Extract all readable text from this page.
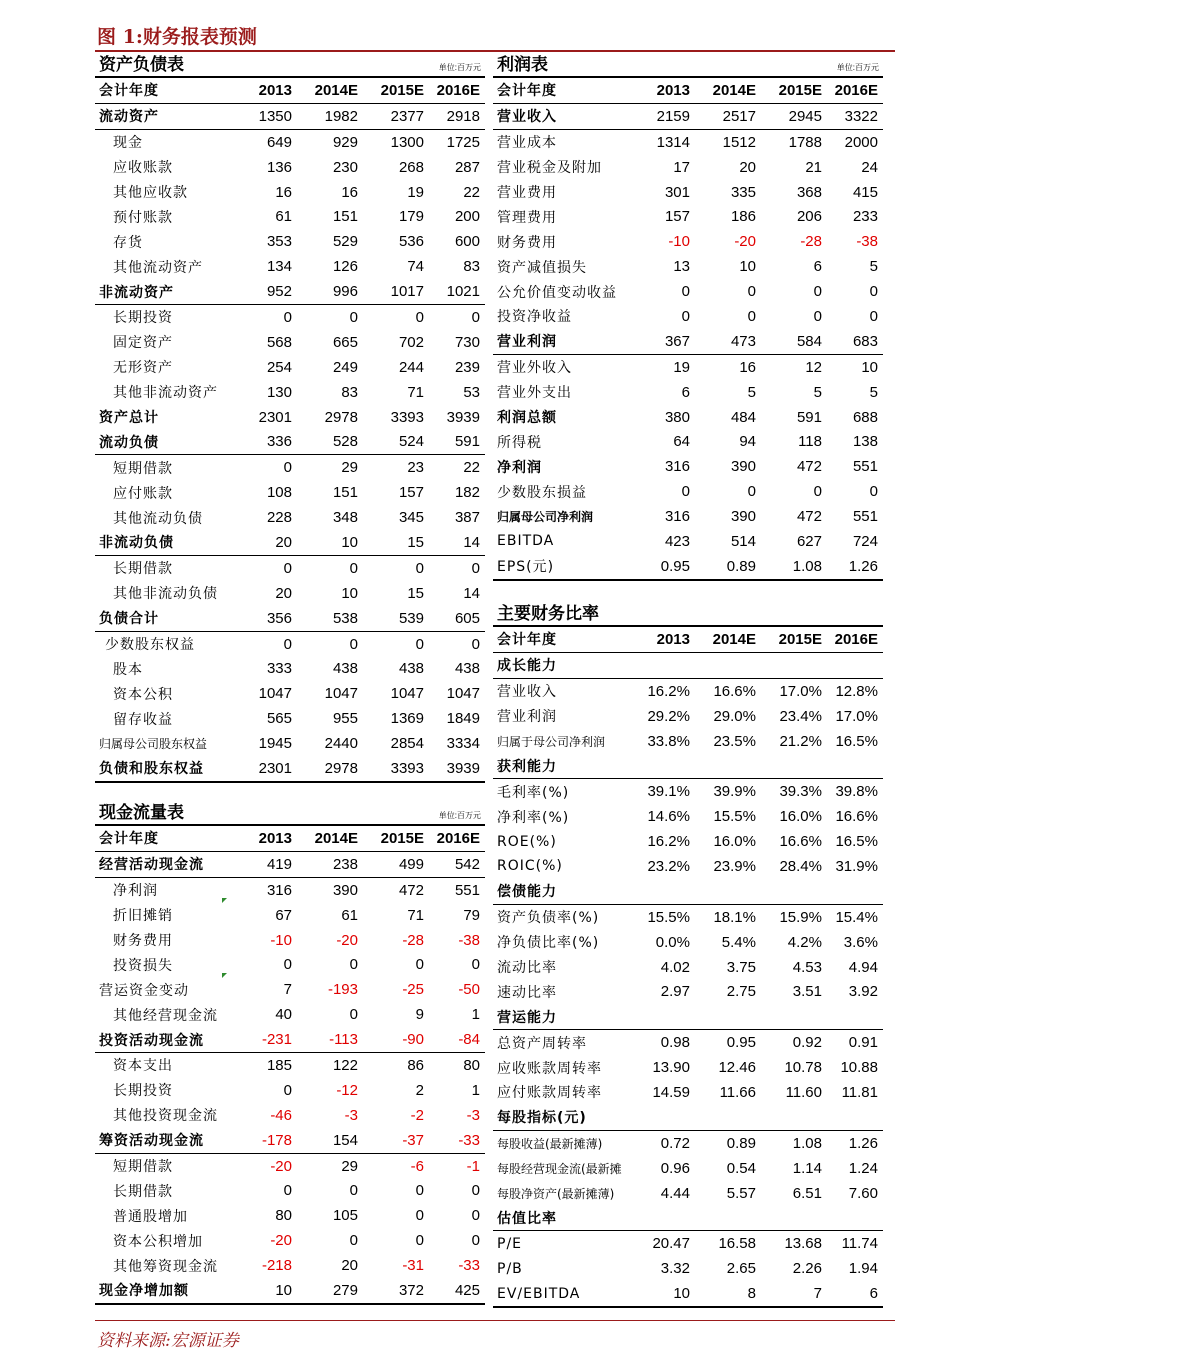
图 1:财务报表预测
资产负债表	单位:百万元
会计年度	2013	2014E	2015E	2016E
流动资产	1350	1982	2377	2918
现金	649	929	1300	1725
应收账款	136	230	268	287
其他应收款	16	16	19	22
预付账款	61	151	179	200
存货	353	529	536	600
其他流动资产	134	126	74	83
非流动资产	952	996	1017	1021
长期投资	0	0	0	0
固定资产	568	665	702	730
无形资产	254	249	244	239
其他非流动资产	130	83	71	53
资产总计	2301	2978	3393	3939
流动负债	336	528	524	591
短期借款	0	29	23	22
应付账款	108	151	157	182
其他流动负债	228	348	345	387
非流动负债	20	10	15	14
长期借款	0	0	0	0
其他非流动负债	20	10	15	14
负债合计	356	538	539	605
少数股东权益	0	0	0	0
股本	333	438	438	438
资本公积	1047	1047	1047	1047
留存收益	565	955	1369	1849
归属母公司股东权益	1945	2440	2854	3334
负债和股东权益	2301	2978	3393	3939
利润表	单位:百万元
会计年度	2013	2014E	2015E	2016E
营业收入	2159	2517	2945	3322
营业成本	1314	1512	1788	2000
营业税金及附加	17	20	21	24
营业费用	301	335	368	415
管理费用	157	186	206	233
财务费用	-10	-20	-28	-38
资产减值损失	13	10	6	5
公允价值变动收益	0	0	0	0
投资净收益	0	0	0	0
营业利润	367	473	584	683
营业外收入	19	16	12	10
营业外支出	6	5	5	5
利润总额	380	484	591	688
所得税	64	94	118	138
净利润	316	390	472	551
少数股东损益	0	0	0	0
归属母公司净利润	316	390	472	551
EBITDA	423	514	627	724
EPS(元)	0.95	0.89	1.08	1.26
主要财务比率
会计年度	2013	2014E	2015E	2016E
成长能力				
营业收入	16.2%	16.6%	17.0%	12.8%
营业利润	29.2%	29.0%	23.4%	17.0%
归属于母公司净利润	33.8%	23.5%	21.2%	16.5%
获利能力				
毛利率(%)	39.1%	39.9%	39.3%	39.8%
净利率(%)	14.6%	15.5%	16.0%	16.6%
ROE(%)	16.2%	16.0%	16.6%	16.5%
ROIC(%)	23.2%	23.9%	28.4%	31.9%
偿债能力				
资产负债率(%)	15.5%	18.1%	15.9%	15.4%
净负债比率(%)	0.0%	5.4%	4.2%	3.6%
流动比率	4.02	3.75	4.53	4.94
速动比率	2.97	2.75	3.51	3.92
营运能力				
总资产周转率	0.98	0.95	0.92	0.91
应收账款周转率	13.90	12.46	10.78	10.88
应付账款周转率	14.59	11.66	11.60	11.81
每股指标(元)				
每股收益(最新摊薄)	0.72	0.89	1.08	1.26
每股经营现金流(最新摊	0.96	0.54	1.14	1.24
每股净资产(最新摊薄)	4.44	5.57	6.51	7.60
估值比率				
P/E	20.47	16.58	13.68	11.74
P/B	3.32	2.65	2.26	1.94
EV/EBITDA	10	8	7	6
现金流量表	单位:百万元
会计年度	2013	2014E	2015E	2016E
经营活动现金流	419	238	499	542
净利润	316	390	472	551
折旧摊销	67	61	71	79
财务费用	-10	-20	-28	-38
投资损失	0	0	0	0
营运资金变动	7	-193	-25	-50
其他经营现金流	40	0	9	1
投资活动现金流	-231	-113	-90	-84
资本支出	185	122	86	80
长期投资	0	-12	2	1
其他投资现金流	-46	-3	-2	-3
筹资活动现金流	-178	154	-37	-33
短期借款	-20	29	-6	-1
长期借款	0	0	0	0
普通股增加	80	105	0	0
资本公积增加	-20	0	0	0
其他筹资现金流	-218	20	-31	-33
现金净增加额	10	279	372	425
资料来源:宏源证券
